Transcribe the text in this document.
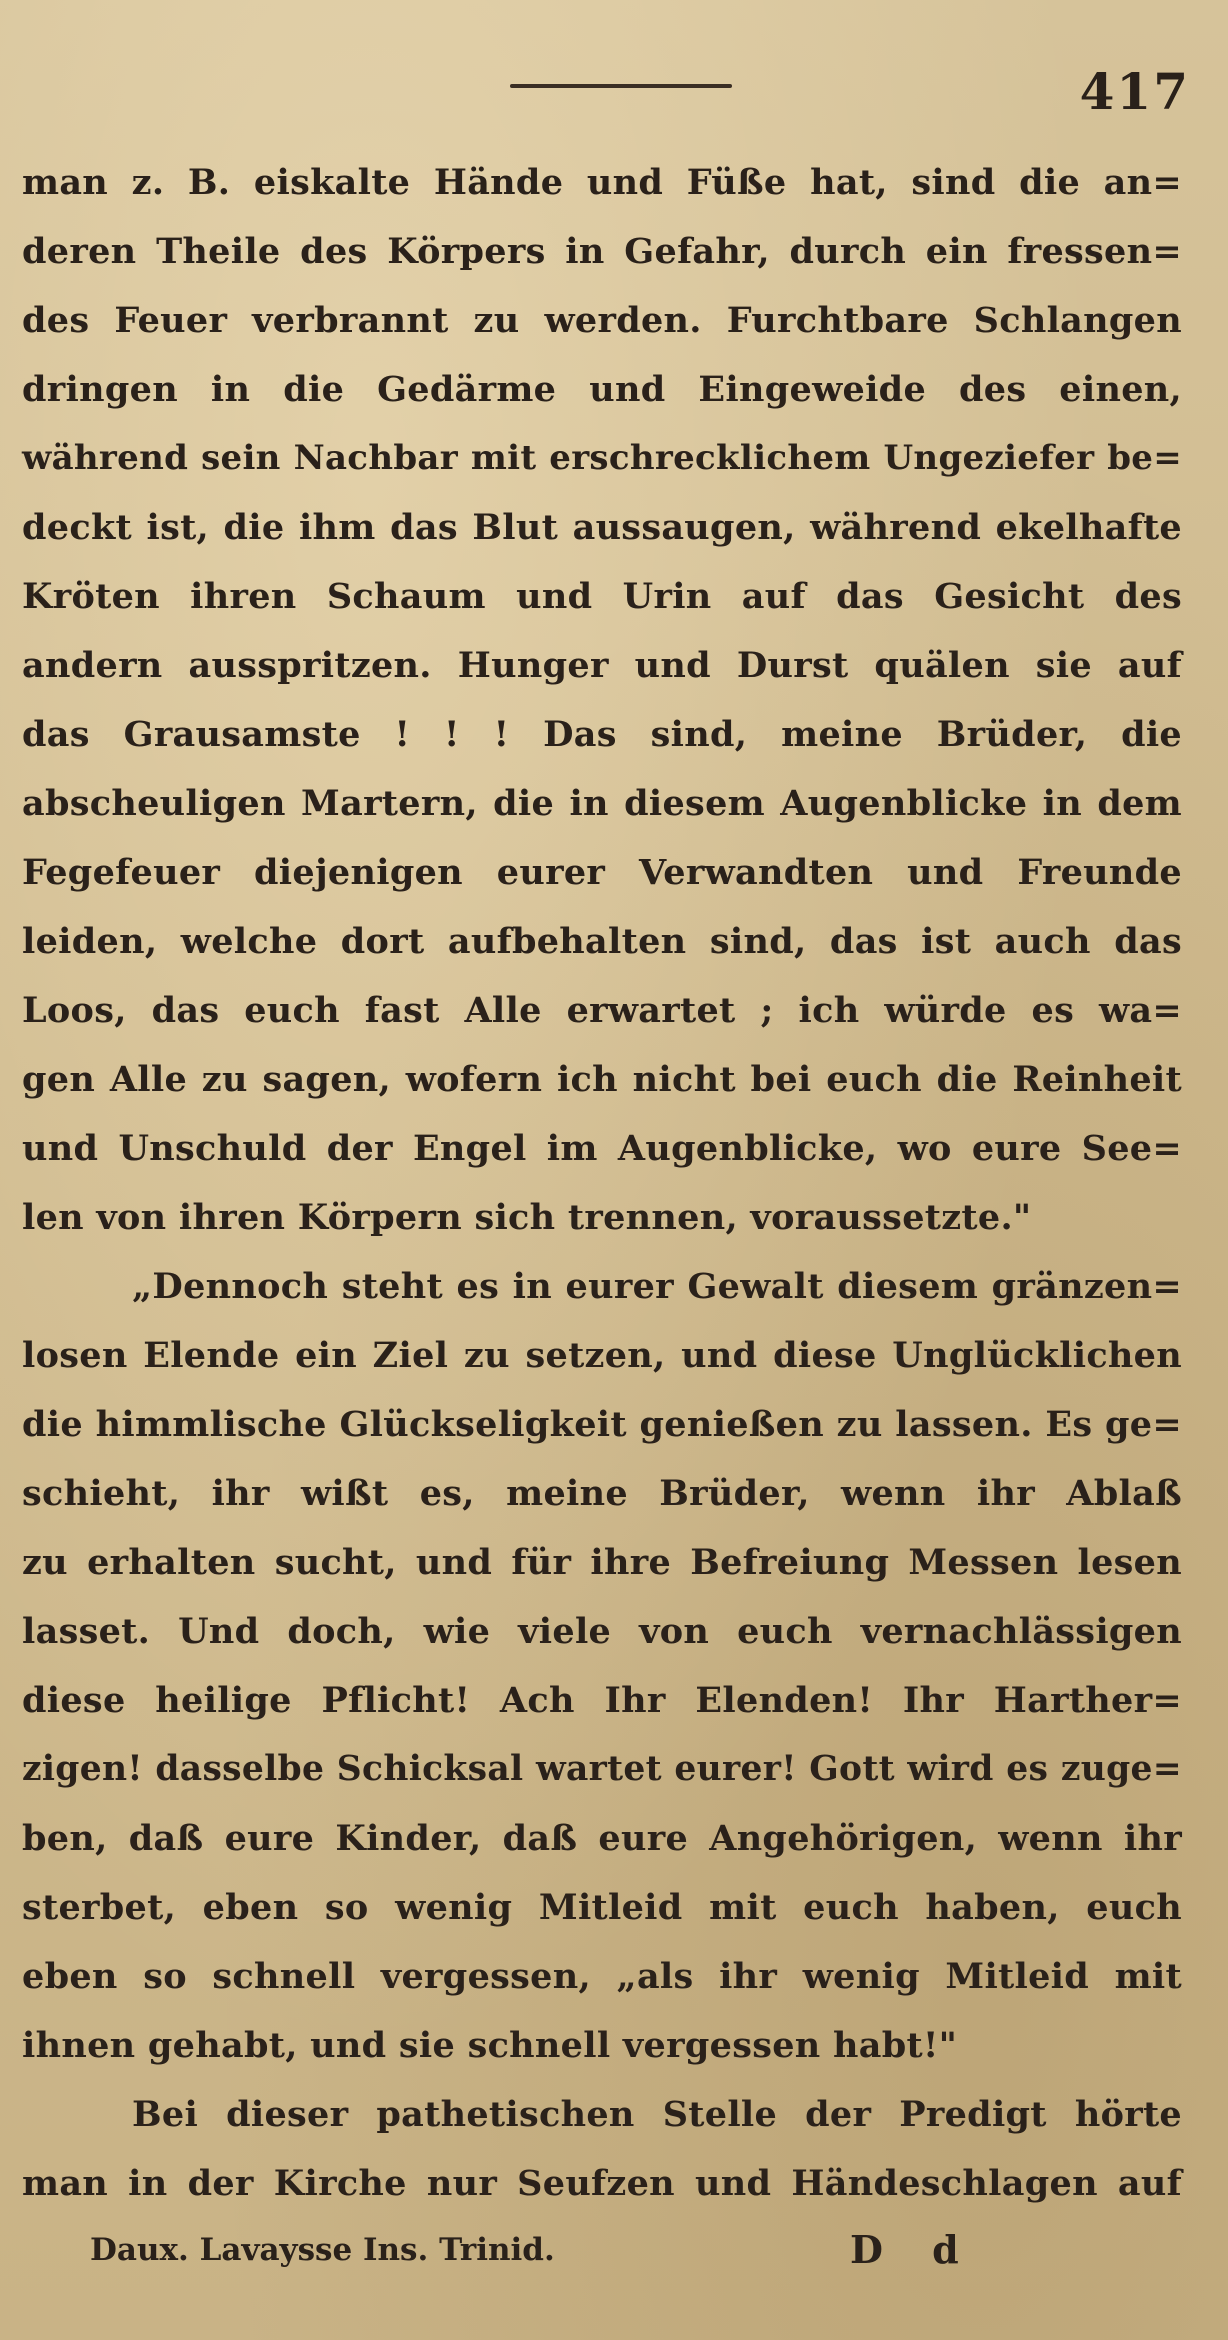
417
man z. B. eiskalte Hände und Füße hat, sind die an=
deren Theile des Körpers in Gefahr, durch ein fressen=
des Feuer verbrannt zu werden. Furchtbare Schlangen
dringen in die Gedärme und Eingeweide des einen,
während sein Nachbar mit erschrecklichem Ungeziefer be=
deckt ist, die ihm das Blut aussaugen, während ekelhafte
Kröten ihren Schaum und Urin auf das Gesicht des
andern ausspritzen. Hunger und Durst quälen sie auf
das Grausamste ! ! ! Das sind, meine Brüder, die
abscheuligen Martern, die in diesem Augenblicke in dem
Fegefeuer diejenigen eurer Verwandten und Freunde
leiden, welche dort aufbehalten sind, das ist auch das
Loos, das euch fast Alle erwartet ; ich würde es wa=
gen Alle zu sagen, wofern ich nicht bei euch die Reinheit
und Unschuld der Engel im Augenblicke, wo eure See=
len von ihren Körpern sich trennen, voraussetzte."
„Dennoch steht es in eurer Gewalt diesem gränzen=
losen Elende ein Ziel zu setzen, und diese Unglücklichen
die himmlische Glückseligkeit genießen zu lassen. Es ge=
schieht, ihr wißt es, meine Brüder, wenn ihr Ablaß
zu erhalten sucht, und für ihre Befreiung Messen lesen
lasset. Und doch, wie viele von euch vernachlässigen
diese heilige Pflicht! Ach Ihr Elenden! Ihr Harther=
zigen! dasselbe Schicksal wartet eurer! Gott wird es zuge=
ben, daß eure Kinder, daß eure Angehörigen, wenn ihr
sterbet, eben so wenig Mitleid mit euch haben, euch
eben so schnell vergessen, „als ihr wenig Mitleid mit
ihnen gehabt, und sie schnell vergessen habt!"
Bei dieser pathetischen Stelle der Predigt hörte
man in der Kirche nur Seufzen und Händeschlagen auf
Daux. Lavaysse Ins. Trinid.	D d
